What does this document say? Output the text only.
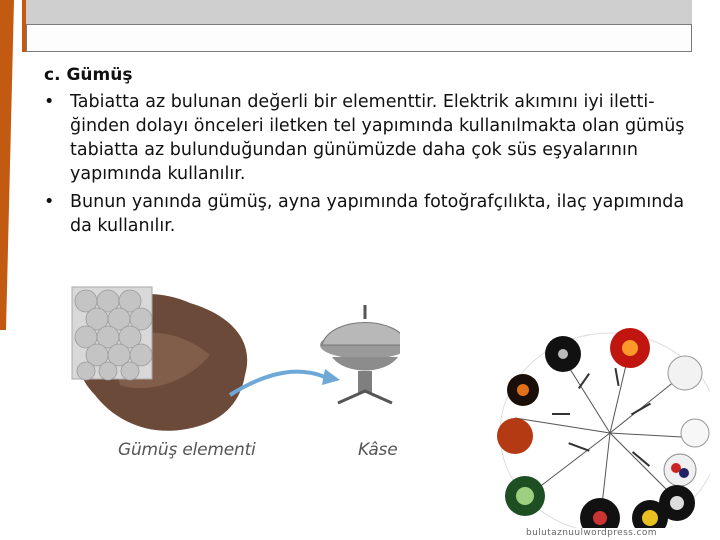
c. Gümüş
• Tabiatta az bulunan değerli bir elementtir. Elektrik akımını iyi ilettiğinden dolayı önceleri iletken tel yapımında kullanılmakta olan gümüş tabiatta az bulunduğundan günümüzde daha çok süs eşyalarının yapımında kullanılır.
• Bunun yanında gümüş, ayna yapımında fotoğrafçılıkta, ilaç yapımında da kullanılır.
Gümüş elementi	Kâse
bulutaznuulwordpress.com
